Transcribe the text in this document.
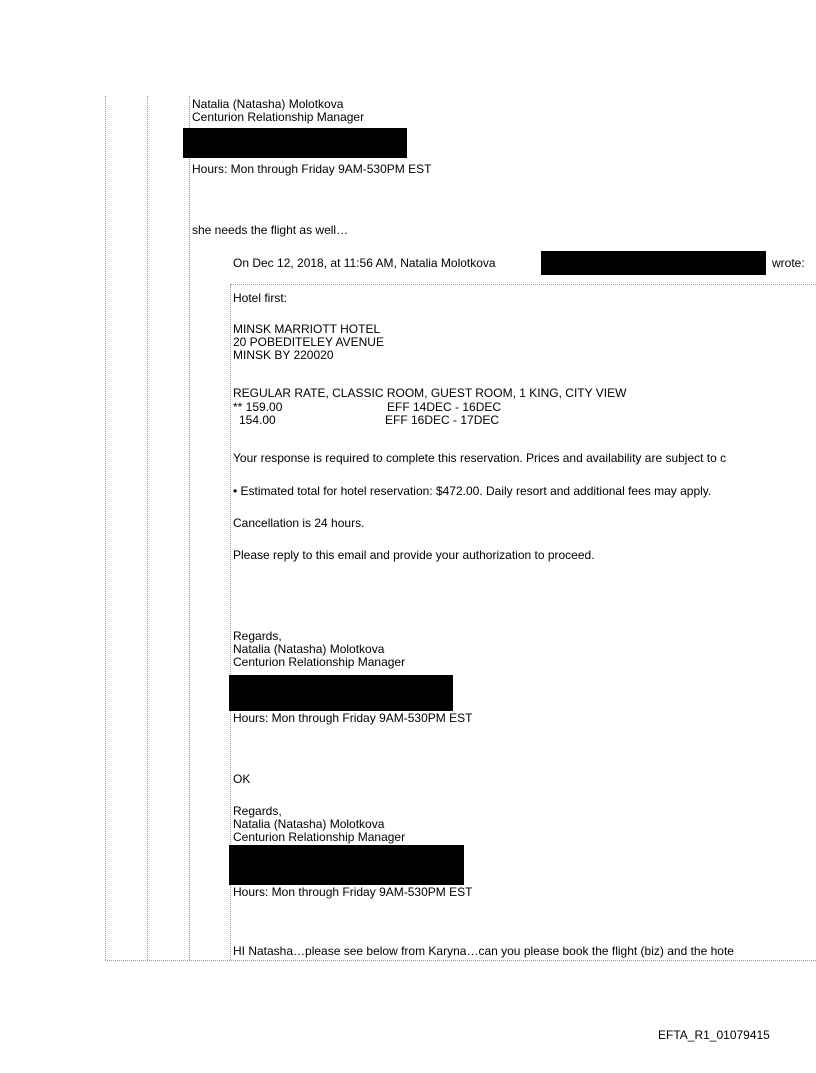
Natalia (Natasha) Molotkova
Centurion Relationship Manager
Hours: Mon through Friday 9AM-530PM EST
she needs the flight as well…
On Dec 12, 2018, at 11:56 AM, Natalia Molotkova	wrote:
Hotel first:
MINSK MARRIOTT HOTEL
20 POBEDITELEY AVENUE
MINSK BY 220020
REGULAR RATE, CLASSIC ROOM, GUEST ROOM, 1 KING, CITY VIEW
** 159.00	EFF 14DEC - 16DEC
154.00	EFF 16DEC - 17DEC
Your response is required to complete this reservation. Prices and availability are subject to c
• Estimated total for hotel reservation: $472.00. Daily resort and additional fees may apply.
Cancellation is 24 hours.
Please reply to this email and provide your authorization to proceed.
Regards,
Natalia (Natasha) Molotkova
Centurion Relationship Manager
Hours: Mon through Friday 9AM-530PM EST
OK
Regards,
Natalia (Natasha) Molotkova
Centurion Relationship Manager
Hours: Mon through Friday 9AM-530PM EST
HI Natasha…please see below from Karyna…can you please book the flight (biz) and the hote
EFTA_R1_01079415
